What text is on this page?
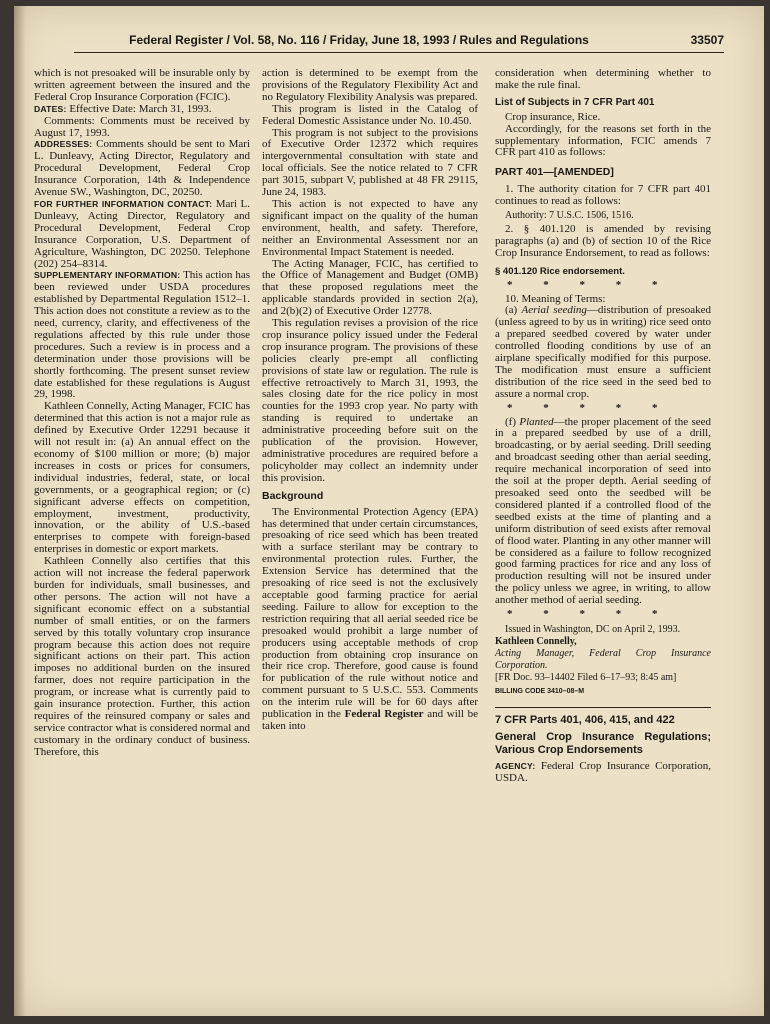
Federal Register / Vol. 58, No. 116 / Friday, June 18, 1993 / Rules and Regulations	33507

which is not presoaked will be insurable only by written agreement between the insured and the Federal Crop Insurance Corporation (FCIC).

DATES: Effective Date: March 31, 1993.

Comments: Comments must be received by August 17, 1993.

ADDRESSES: Comments should be sent to Mari L. Dunleavy, Acting Director, Regulatory and Procedural Development, Federal Crop Insurance Corporation, 14th & Independence Avenue SW., Washington, DC, 20250.

FOR FURTHER INFORMATION CONTACT: Mari L. Dunleavy, Acting Director, Regulatory and Procedural Development, Federal Crop Insurance Corporation, U.S. Department of Agriculture, Washington, DC 20250. Telephone (202) 254–8314.

SUPPLEMENTARY INFORMATION: This action has been reviewed under USDA procedures established by Departmental Regulation 1512–1. This action does not constitute a review as to the need, currency, clarity, and effectiveness of the regulations affected by this rule under those procedures. Such a review is in process and a determination under those provisions will be shortly forthcoming. The present sunset review date established for these regulations is August 29, 1998.

Kathleen Connelly, Acting Manager, FCIC has determined that this action is not a major rule as defined by Executive Order 12291 because it will not result in: (a) An annual effect on the economy of $100 million or more; (b) major increases in costs or prices for consumers, individual industries, federal, state, or local governments, or a geographical region; or (c) significant adverse effects on competition, employment, investment, productivity, innovation, or the ability of U.S.-based enterprises to compete with foreign-based enterprises in domestic or export markets.

Kathleen Connelly also certifies that this action will not increase the federal paperwork burden for individuals, small businesses, and other persons. The action will not have a significant economic effect on a substantial number of small entities, or on the farmers served by this totally voluntary crop insurance program because this action does not require significant actions on their part. This action imposes no additional burden on the insured farmer, does not require participation in the program, or increase what is currently paid to gain insurance protection. Further, this action requires of the reinsured company or sales and service contractor what is considered normal and customary in the ordinary conduct of business. Therefore, this

action is determined to be exempt from the provisions of the Regulatory Flexibility Act and no Regulatory Flexibility Analysis was prepared.

This program is listed in the Catalog of Federal Domestic Assistance under No. 10.450.

This program is not subject to the provisions of Executive Order 12372 which requires intergovernmental consultation with state and local officials. See the notice related to 7 CFR part 3015, subpart V, published at 48 FR 29115, June 24, 1983.

This action is not expected to have any significant impact on the quality of the human environment, health, and safety. Therefore, neither an Environmental Assessment nor an Environmental Impact Statement is needed.

The Acting Manager, FCIC, has certified to the Office of Management and Budget (OMB) that these proposed regulations meet the applicable standards provided in section 2(a), and 2(b)(2) of Executive Order 12778.

This regulation revises a provision of the rice crop insurance policy issued under the Federal crop insurance program. The provisions of these policies clearly pre-empt all conflicting provisions of state law or regulation. The rule is effective retroactively to March 31, 1993, the sales closing date for the rice policy in most counties for the 1993 crop year. No party with standing is required to undertake an administrative proceeding before suit on the publication of the provision. However, administrative procedures are required before a policyholder may collect an indemnity under this provision.

Background

The Environmental Protection Agency (EPA) has determined that under certain circumstances, presoaking of rice seed which has been treated with a surface sterilant may be contrary to environmental protection rules. Further, the Extension Service has determined that the presoaking of rice seed is not the exclusively acceptable good farming practice for aerial seeding. Failure to allow for exception to the restriction requiring that all aerial seeded rice be presoaked would prohibit a large number of producers using acceptable methods of crop production from obtaining crop insurance on their rice crop. Therefore, good cause is found for publication of the rule without notice and comment pursuant to 5 U.S.C. 553. Comments on the interim rule will be for 60 days after publication in the Federal Register and will be taken into

consideration when determining whether to make the rule final.

List of Subjects in 7 CFR Part 401

Crop insurance, Rice.

Accordingly, for the reasons set forth in the supplementary information, FCIC amends 7 CFR part 410 as follows:

PART 401—[AMENDED]

1. The authority citation for 7 CFR part 401 continues to read as follows:

Authority: 7 U.S.C. 1506, 1516.

2. § 401.120 is amended by revising paragraphs (a) and (b) of section 10 of the Rice Crop Insurance Endorsement, to read as follows:

§ 401.120 Rice endorsement.
* * * * *

10. Meaning of Terms:

(a) Aerial seeding—distribution of presoaked (unless agreed to by us in writing) rice seed onto a prepared seedbed covered by water under controlled flooding conditions by use of an airplane specifically modified for this purpose. The modification must ensure a sufficient distribution of the rice seed in the seed bed to assure a normal crop.

* * * * *

(f) Planted—the proper placement of the seed in a prepared seedbed by use of a drill, broadcasting, or by aerial seeding. Drill seeding and broadcast seeding other than aerial seeding, require mechanical incorporation of seed into the soil at the proper depth. Aerial seeding of presoaked seed onto the seedbed will be considered planted if a controlled flood of the seedbed exists at the time of planting and a uniform distribution of seed exists after removal of flood water. Planting in any other manner will be considered as a failure to follow recognized good farming practices for rice and any loss of production resulting will not be insured under the policy unless we agree, in writing, to allow another method of aerial seeding.

* * * * *

Issued in Washington, DC on April 2, 1993.

Kathleen Connelly,

Acting Manager, Federal Crop Insurance Corporation.

[FR Doc. 93–14402 Filed 6–17–93; 8:45 am]

BILLING CODE 3410–08–M

7 CFR Parts 401, 406, 415, and 422
General Crop Insurance Regulations; Various Crop Endorsements

AGENCY: Federal Crop Insurance Corporation, USDA.
